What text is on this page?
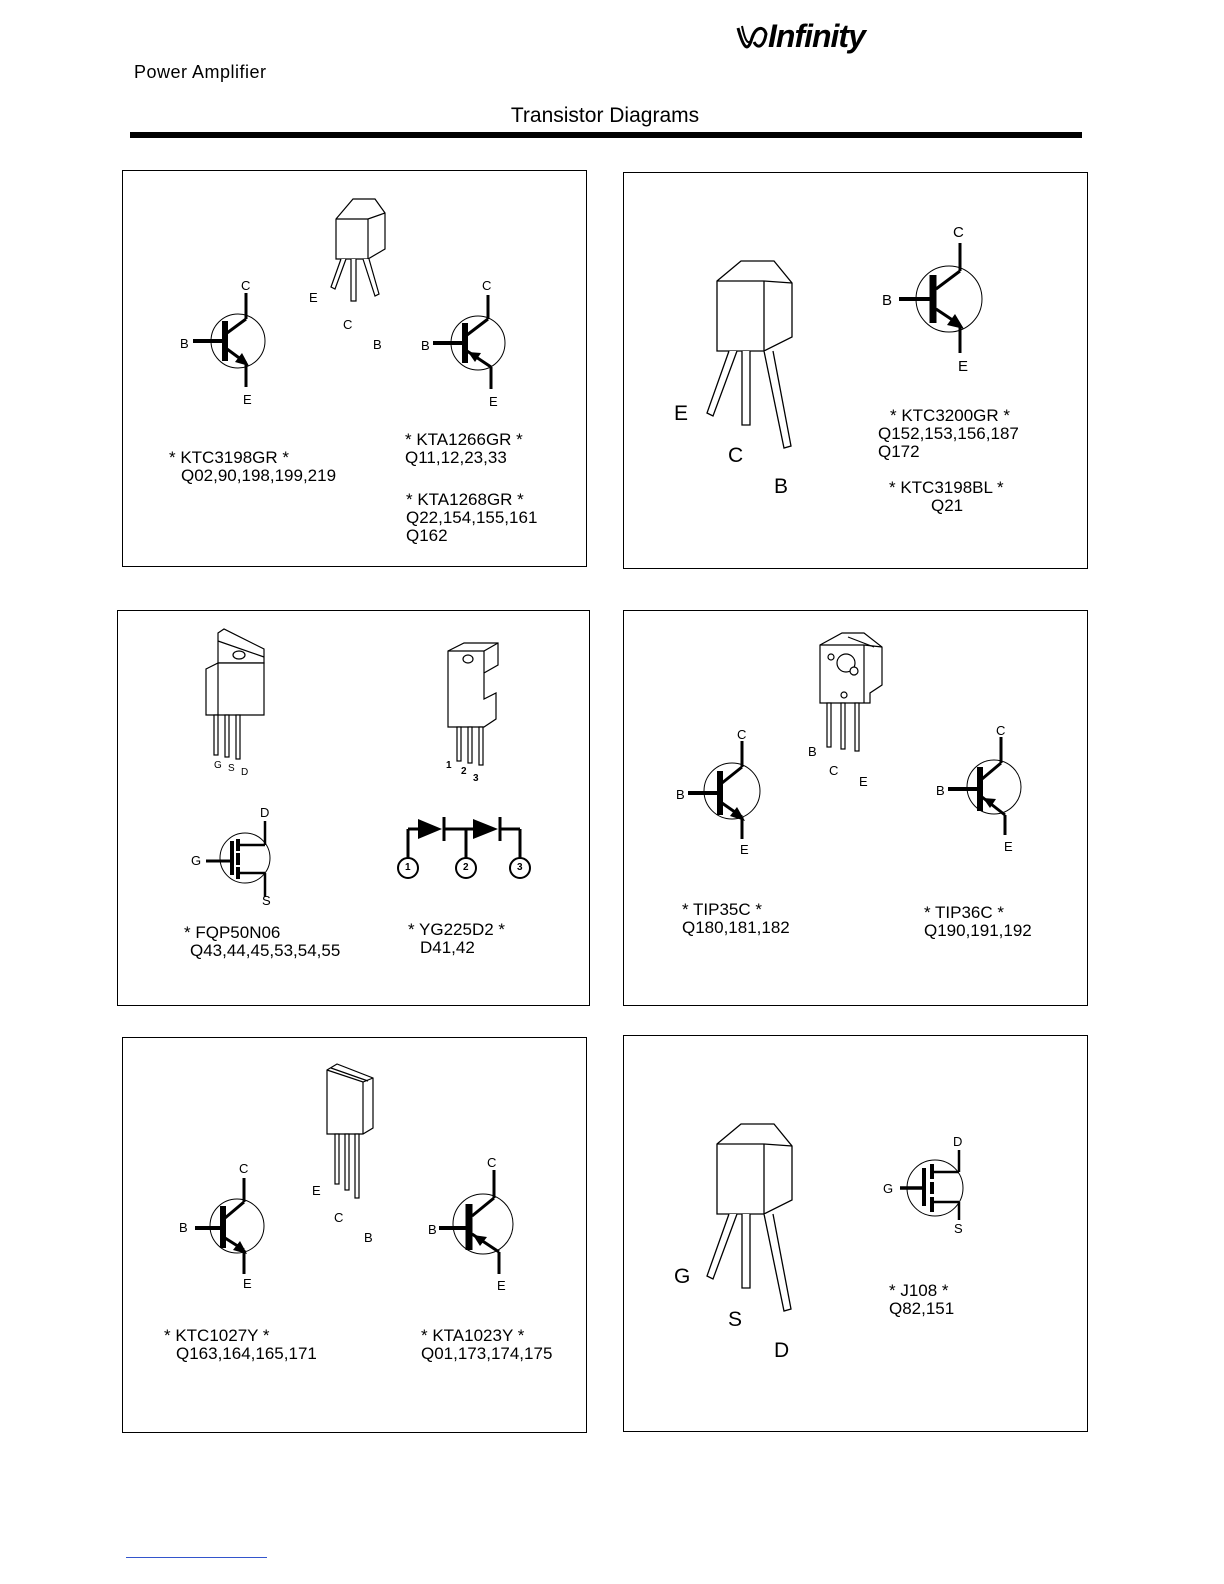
Power Amplifier
Infinity
Transistor Diagrams
E
C
B
C
B
E
C
B
E
* KTC3198GR *
Q02,90,198,199,219
* KTA1266GR *
Q11,12,23,33
* KTA1268GR *
Q22,154,155,161
Q162
E
C
B
C
B
E
* KTC3200GR *
Q152,153,156,187
Q172
* KTC3198BL *
Q21
G S D
1
2
3
D
G
S
1	2	3
* FQP50N06
Q43,44,45,53,54,55
* YG225D2 *
D41,42
B
C
E
C
B
E
C
B
E
* TIP35C *
Q180,181,182
* TIP36C *
Q190,191,192
E
C
B
C
B
E
C
B
E
* KTC1027Y *
Q163,164,165,171
* KTA1023Y *
Q01,173,174,175
G
S
D
D
G
S
* J108 *
Q82,151
